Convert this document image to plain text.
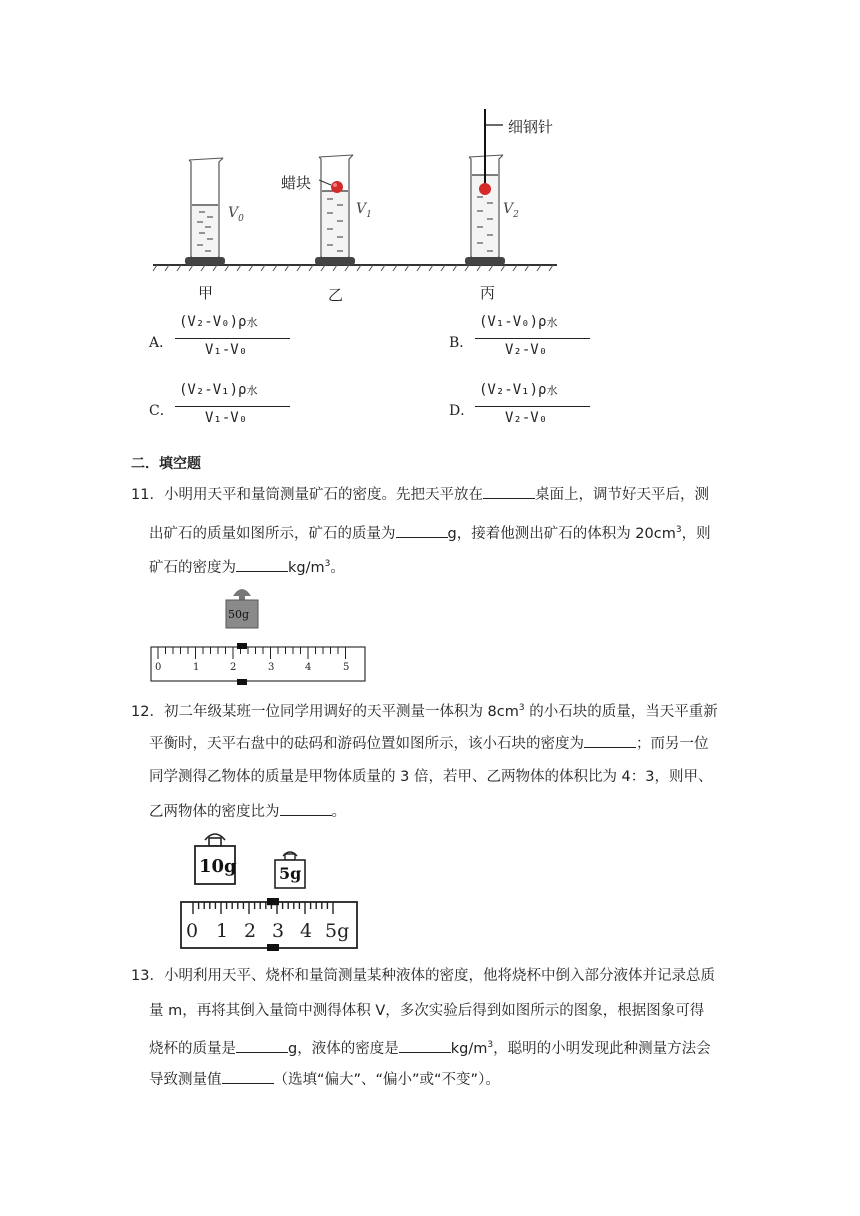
细钢针
蜡块
$V_0$
$V_1$	$V_2$
甲	乙	丙
A．
(V₂-V₀)ρ水
V₁-V₀	B．
(V₁-V₀)ρ水
V₂-V₀
C．
(V₂-V₁)ρ水
V₁-V₀	D．
(V₂-V₁)ρ水
V₂-V₀
二．填空题
11．小明用天平和量筒测量矿石的密度。先把天平放在	桌面上，调节好天平后，测
出矿石的质量如图所示，矿石的质量为	g，接着他测出矿石的体积为 $20cm^3$，则
矿石的密度为	$kg/m^3$。
50g
0	1	2	3	4	5
12．初二年级某班一位同学用调好的天平测量一体积为 $8cm^3$ 的小石块的质量，当天平重新
平衡时，天平右盘中的砝码和游码位置如图所示，该小石块的密度为	；而另一位
同学测得乙物体的质量是甲物体质量的 3 倍，若甲、乙两物体的体积比为 4：3，则甲、
乙两物体的密度比为	。
10g	5g
0 1 2 3 4 5g
13．小明利用天平、烧杯和量筒测量某种液体的密度，他将烧杯中倒入部分液体并记录总质
量 m，再将其倒入量筒中测得体积 V，多次实验后得到如图所示的图象，根据图象可得
烧杯的质量是	g，液体的密度是	$kg/m^3$，聪明的小明发现此种测量方法会
导致测量值	（选填“偏大”、“偏小”或“不变”）。
